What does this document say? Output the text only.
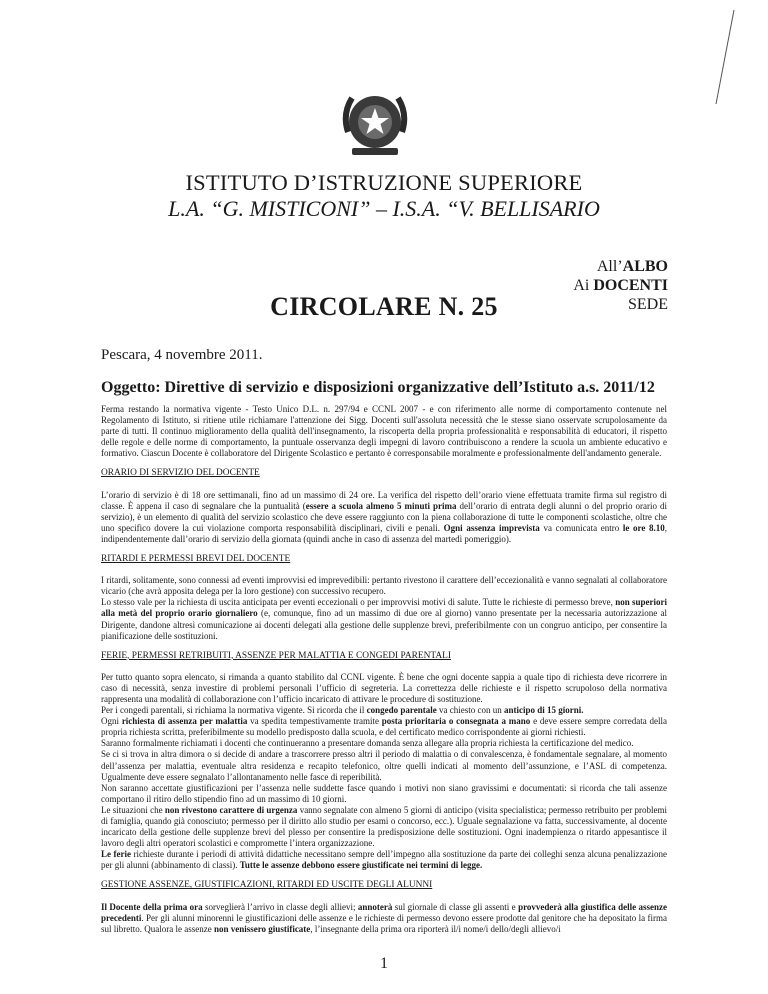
ISTITUTO D’ISTRUZIONE SUPERIORE
L.A. “G. MISTICONI” – I.S.A. “V. BELLISARIO
All’ALBO
Ai DOCENTI
SEDE
CIRCOLARE N. 25
Pescara, 4 novembre 2011.
Oggetto: Direttive di servizio e disposizioni organizzative dell’Istituto a.s. 2011/12

Ferma restando la normativa vigente - Testo Unico D.L. n. 297/94 e CCNL 2007 - e con riferimento alle norme di comportamento contenute nel Regolamento di Istituto, si ritiene utile richiamare l'attenzione dei Sigg. Docenti sull'assoluta necessità che le stesse siano osservate scrupolosamente da parte di tutti. Il continuo miglioramento della qualità dell'insegnamento, la riscoperta della propria professionalità e responsabilità di educatori, il rispetto delle regole e delle norme di comportamento, la puntuale osservanza degli impegni di lavoro contribuiscono a rendere la scuola un ambiente educativo e formativo. Ciascun Docente è collaboratore del Dirigente Scolastico e pertanto è corresponsabile moralmente e professionalmente dell'andamento generale.

ORARIO DI SERVIZIO DEL DOCENTE

L’orario di servizio è di 18 ore settimanali, fino ad un massimo di 24 ore. La verifica del rispetto dell’orario viene effettuata tramite firma sul registro di classe. È appena il caso di segnalare che la puntualità (essere a scuola almeno 5 minuti prima dell’orario di entrata degli alunni o del proprio orario di servizio), è un elemento di qualità del servizio scolastico che deve essere raggiunto con la piena collaborazione di tutte le componenti scolastiche, oltre che uno specifico dovere la cui violazione comporta responsabilità disciplinari, civili e penali. Ogni assenza imprevista va comunicata entro le ore 8.10, indipendentemente dall’orario di servizio della giornata (quindi anche in caso di assenza del martedì pomeriggio).

RITARDI E PERMESSI BREVI DEL DOCENTE

I ritardi, solitamente, sono connessi ad eventi improvvisi ed imprevedibili: pertanto rivestono il carattere dell’eccezionalità e vanno segnalati al collaboratore vicario (che avrà apposita delega per la loro gestione) con successivo recupero.

Lo stesso vale per la richiesta di uscita anticipata per eventi eccezionali o per improvvisi motivi di salute. Tutte le richieste di permesso breve, non superiori alla metà del proprio orario giornaliero (e, comunque, fino ad un massimo di due ore al giorno) vanno presentate per la necessaria autorizzazione al Dirigente, dandone altresì comunicazione ai docenti delegati alla gestione delle supplenze brevi, preferibilmente con un congruo anticipo, per consentire la pianificazione delle sostituzioni.

FERIE, PERMESSI RETRIBUITI, ASSENZE PER MALATTIA E CONGEDI PARENTALI

Per tutto quanto sopra elencato, si rimanda a quanto stabilito dal CCNL vigente. È bene che ogni docente sappia a quale tipo di richiesta deve ricorrere in caso di necessità, senza investire di problemi personali l’ufficio di segreteria. La correttezza delle richieste e il rispetto scrupoloso della normativa rappresenta una modalità di collaborazione con l’ufficio incaricato di attivare le procedure di sostituzione.

Per i congedi parentali, si richiama la normativa vigente. Si ricorda che il congedo parentale va chiesto con un anticipo di 15 giorni.

Ogni richiesta di assenza per malattia va spedita tempestivamente tramite posta prioritaria o consegnata a mano e deve essere sempre corredata della propria richiesta scritta, preferibilmente su modello predisposto dalla scuola, e del certificato medico corrispondente ai giorni richiesti.

Saranno formalmente richiamati i docenti che continueranno a presentare domanda senza allegare alla propria richiesta la certificazione del medico.

Se ci si trova in altra dimora o si decide di andare a trascorrere presso altri il periodo di malattia o di convalescenza, è fondamentale segnalare, al momento dell’assenza per malattia, eventuale altra residenza e recapito telefonico, oltre quelli indicati al momento dell’assunzione, e l’ASL di competenza. Ugualmente deve essere segnalato l’allontanamento nelle fasce di reperibilità.

Non saranno accettate giustificazioni per l’assenza nelle suddette fasce quando i motivi non siano gravissimi e documentati: si ricorda che tali assenze comportano il ritiro dello stipendio fino ad un massimo di 10 giorni.

Le situazioni che non rivestono carattere di urgenza vanno segnalate con almeno 5 giorni di anticipo (visita specialistica; permesso retribuito per problemi di famiglia, quando già conosciuto; permesso per il diritto allo studio per esami o concorso, ecc.). Uguale segnalazione va fatta, successivamente, al docente incaricato della gestione delle supplenze brevi del plesso per consentire la predisposizione delle sostituzioni. Ogni inadempienza o ritardo appesantisce il lavoro degli altri operatori scolastici e compromette l’intera organizzazione.

Le ferie richieste durante i periodi di attività didattiche necessitano sempre dell’impegno alla sostituzione da parte dei colleghi senza alcuna penalizzazione per gli alunni (abbinamento di classi). Tutte le assenze debbono essere giustificate nei termini di legge.

GESTIONE ASSENZE, GIUSTIFICAZIONI, RITARDI ED USCITE DEGLI ALUNNI

Il Docente della prima ora sorveglierà l’arrivo in classe degli allievi; annoterà sul giornale di classe gli assenti e provvederà alla giustifica delle assenze precedenti. Per gli alunni minorenni le giustificazioni delle assenze e le richieste di permesso devono essere prodotte dal genitore che ha depositato la firma sul libretto. Qualora le assenze non venissero giustificate, l’insegnante della prima ora riporterà il/i nome/i dello/degli allievo/i

1
